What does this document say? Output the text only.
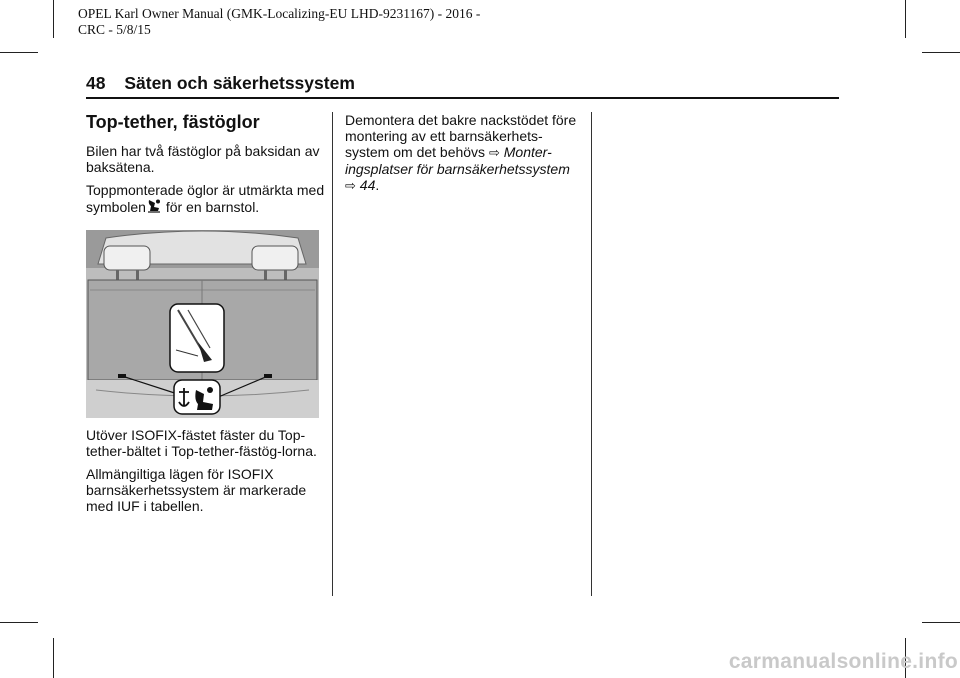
OPEL Karl Owner Manual (GMK-Localizing-EU LHD-9231167) - 2016 -
CRC - 5/8/15
48 Säten och säkerhetssystem
Top-tether, fästöglor

Bilen har två fästöglor på baksidan av baksätena.

Toppmonterade öglor är utmärkta med symbolen för en barnstol.

Utöver ISOFIX-fästet fäster du Top-tether-bältet i Top-tether-fästög-lorna.

Allmängiltiga lägen för ISOFIX barnsäkerhetssystem är markerade med IUF i tabellen.

Demontera det bakre nackstödet före montering av ett barnsäkerhets-system om det behövs ⇨ Monter-ingsplatser för barnsäkerhetssystem
⇨ 44.

carmanualsonline.info
